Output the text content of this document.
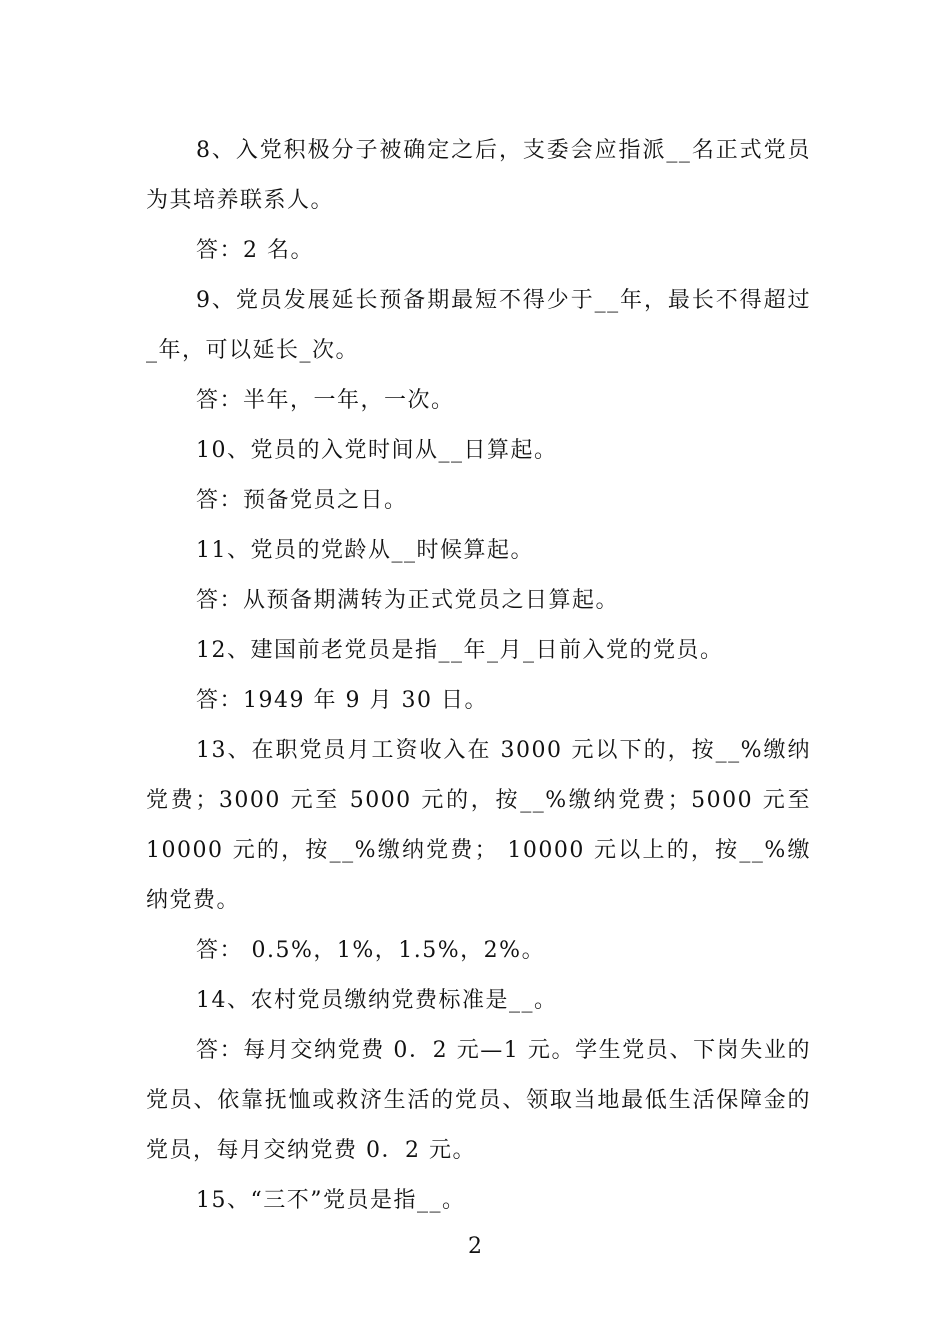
8、入党积极分子被确定之后，支委会应指派__名正式党员为其培养联系人。

答：2 名。

9、党员发展延长预备期最短不得少于__年，最长不得超过_年，可以延长_次。

答：半年，一年，一次。

10、党员的入党时间从__日算起。

答：预备党员之日。

11、党员的党龄从__时候算起。

答：从预备期满转为正式党员之日算起。

12、建国前老党员是指__年_月_日前入党的党员。

答：1949 年 9 月 30 日。

13、在职党员月工资收入在 3000 元以下的，按__%缴纳党费；3000 元至 5000 元的，按__%缴纳党费；5000 元至 10000 元的，按__%缴纳党费； 10000 元以上的，按__%缴纳党费。

答： 0.5%，1%，1.5%，2%。

14、农村党员缴纳党费标准是__。

答：每月交纳党费 0．2 元—1 元。学生党员、下岗失业的党员、依靠抚恤或救济生活的党员、领取当地最低生活保障金的党员，每月交纳党费 0．2 元。

15、“三不”党员是指__。

2
